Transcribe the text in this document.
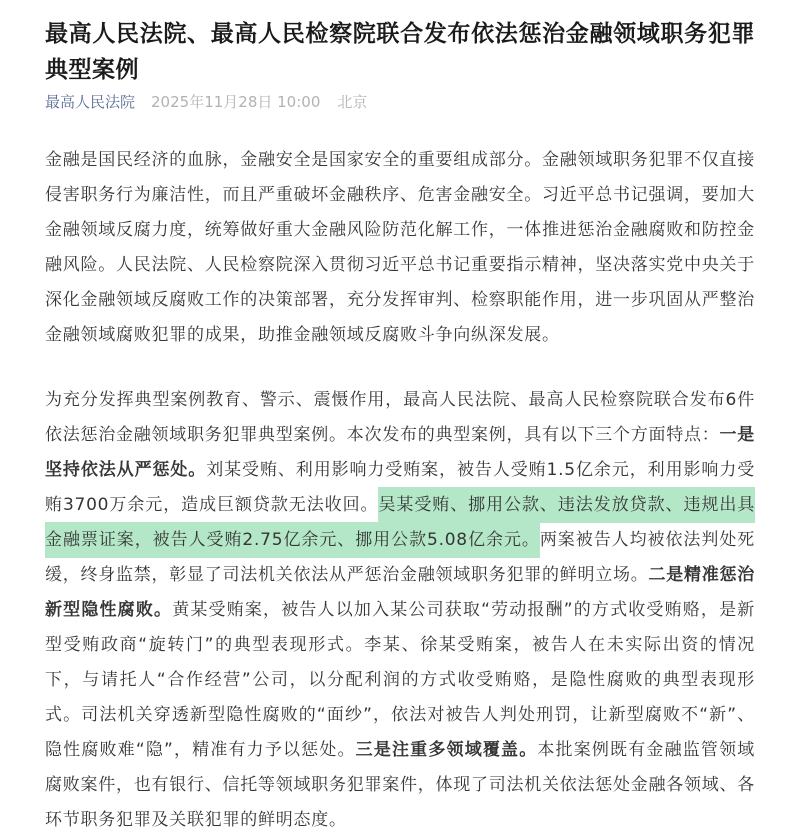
最高人民法院、最高人民检察院联合发布依法惩治金融领域职务犯罪典型案例
最高人民法院 2025年11月28日 10:00 北京

金融是国民经济的血脉，金融安全是国家安全的重要组成部分。金融领域职务犯罪不仅直接侵害职务行为廉洁性，而且严重破坏金融秩序、危害金融安全。习近平总书记强调，要加大金融领域反腐力度，统筹做好重大金融风险防范化解工作，一体推进惩治金融腐败和防控金融风险。人民法院、人民检察院深入贯彻习近平总书记重要指示精神，坚决落实党中央关于深化金融领域反腐败工作的决策部署，充分发挥审判、检察职能作用，进一步巩固从严整治金融领域腐败犯罪的成果，助推金融领域反腐败斗争向纵深发展。

为充分发挥典型案例教育、警示、震慑作用，最高人民法院、最高人民检察院联合发布6件依法惩治金融领域职务犯罪典型案例。本次发布的典型案例，具有以下三个方面特点：一是坚持依法从严惩处。刘某受贿、利用影响力受贿案，被告人受贿1.5亿余元，利用影响力受贿3700万余元，造成巨额贷款无法收回。吴某受贿、挪用公款、违法发放贷款、违规出具金融票证案，被告人受贿2.75亿余元、挪用公款5.08亿余元。两案被告人均被依法判处死缓，终身监禁，彰显了司法机关依法从严惩治金融领域职务犯罪的鲜明立场。二是精准惩治新型隐性腐败。黄某受贿案，被告人以加入某公司获取“劳动报酬”的方式收受贿赂，是新型受贿政商“旋转门”的典型表现形式。李某、徐某受贿案，被告人在未实际出资的情况下，与请托人“合作经营”公司，以分配利润的方式收受贿赂，是隐性腐败的典型表现形式。司法机关穿透新型隐性腐败的“面纱”，依法对被告人判处刑罚，让新型腐败不“新”、隐性腐败难“隐”，精准有力予以惩处。三是注重多领域覆盖。本批案例既有金融监管领域腐败案件，也有银行、信托等领域职务犯罪案件，体现了司法机关依法惩处金融各领域、各环节职务犯罪及关联犯罪的鲜明态度。
